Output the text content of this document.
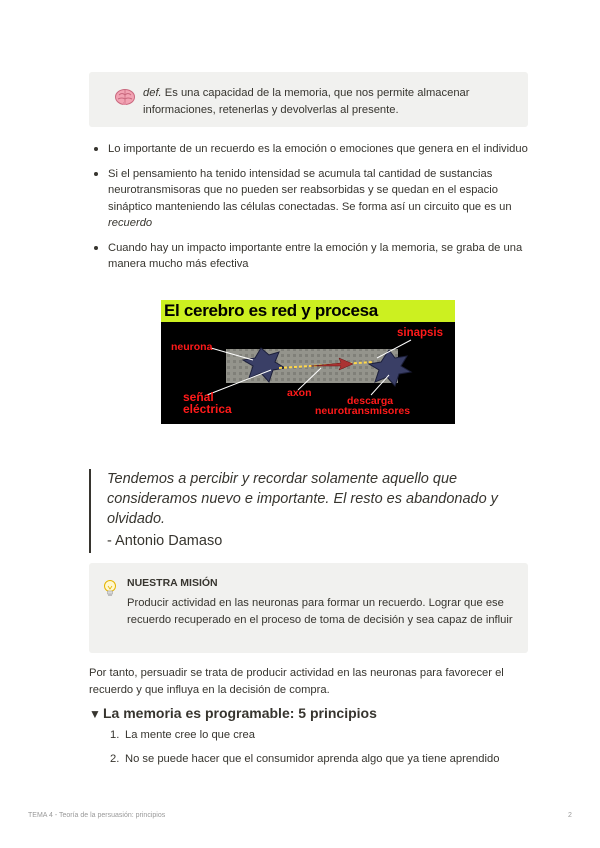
def. Es una capacidad de la memoria, que nos permite almacenar informaciones, retenerlas y devolverlas al presente.
Lo importante de un recuerdo es la emoción o emociones que genera en el individuo
Si el pensamiento ha tenido intensidad se acumula tal cantidad de sustancias neurotransmisoras que no pueden ser reabsorbidas y se quedan en el espacio sináptico manteniendo las células conectadas. Se forma así un circuito que es un recuerdo
Cuando hay un impacto importante entre la emoción y la memoria, se graba de una manera mucho más efectiva
El cerebro es red y procesa
neurona
sinapsis
señal
eléctrica
axon
descarga
neurotransmisores
Tendemos a percibir y recordar solamente aquello que consideramos nuevo e importante. El resto es abandonado y olvidado.
- Antonio Damaso
NUESTRA MISIÓN
Producir actividad en las neuronas para formar un recuerdo. Lograr que ese recuerdo recuperado en el proceso de toma de decisión y sea capaz de influir

Por tanto, persuadir se trata de producir actividad en las neuronas para favorecer el recuerdo y que influya en la decisión de compra.

▼ La memoria es programable: 5 principios
1. La mente cree lo que crea
2. No se puede hacer que el consumidor aprenda algo que ya tiene aprendido
TEMA 4 - Teoría de la persuasión: principios	2
